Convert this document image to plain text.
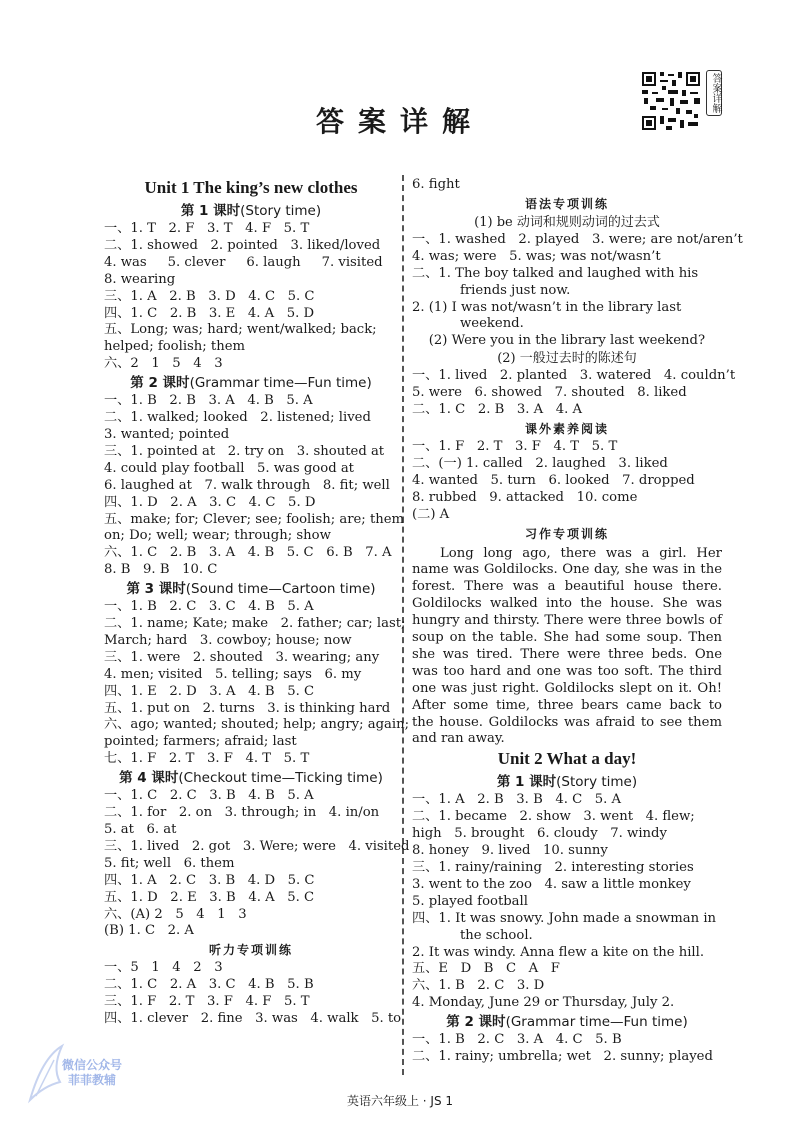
答案详解
答案详解
Unit 1 The king’s new clothes
第 1 课时(Story time)
一、1. T   2. F   3. T   4. F   5. T
二、1. showed   2. pointed   3. liked/loved
4. was     5. clever     6. laugh     7. visited
8. wearing
三、1. A   2. B   3. D   4. C   5. C
四、1. C   2. B   3. E   4. A   5. D
五、Long; was; hard; went/walked; back;
helped; foolish; them
六、2   1   5   4   3
第 2 课时(Grammar time—Fun time)
一、1. B   2. B   3. A   4. B   5. A
二、1. walked; looked   2. listened; lived
3. wanted; pointed
三、1. pointed at   2. try on   3. shouted at
4. could play football   5. was good at
6. laughed at   7. walk through   8. fit; well
四、1. D   2. A   3. C   4. C   5. D
五、make; for; Clever; see; foolish; are; them
on; Do; well; wear; through; show
六、1. C   2. B   3. A   4. B   5. C   6. B   7. A
8. B   9. B   10. C
第 3 课时(Sound time—Cartoon time)
一、1. B   2. C   3. C   4. B   5. A
二、1. name; Kate; make   2. father; car; last;
March; hard   3. cowboy; house; now
三、1. were   2. shouted   3. wearing; any
4. men; visited   5. telling; says   6. my
四、1. E   2. D   3. A   4. B   5. C
五、1. put on   2. turns   3. is thinking hard
六、ago; wanted; shouted; help; angry; again;
pointed; farmers; afraid; last
七、1. F   2. T   3. F   4. T   5. T
第 4 课时(Checkout time—Ticking time)
一、1. C   2. C   3. B   4. B   5. A
二、1. for   2. on   3. through; in   4. in/on
5. at   6. at
三、1. lived   2. got   3. Were; were   4. visited
5. fit; well   6. them
四、1. A   2. C   3. B   4. D   5. C
五、1. D   2. E   3. B   4. A   5. C
六、(A) 2   5   4   1   3
(B) 1. C   2. A
听力专项训练
一、5   1   4   2   3
二、1. C   2. A   3. C   4. B   5. B
三、1. F   2. T   3. F   4. F   5. T
四、1. clever   2. fine   3. was   4. walk   5. to
6. fight
语法专项训练
(1) be 动词和规则动词的过去式
一、1. washed   2. played   3. were; are not/aren’t
4. was; were   5. was; was not/wasn’t
二、1. The boy talked and laughed with his
friends just now.
2. (1) I was not/wasn’t in the library last
weekend.
(2) Were you in the library last weekend?
(2) 一般过去时的陈述句
一、1. lived   2. planted   3. watered   4. couldn’t
5. were   6. showed   7. shouted   8. liked
二、1. C   2. B   3. A   4. A
课外素养阅读
一、1. F   2. T   3. F   4. T   5. T
二、(一) 1. called   2. laughed   3. liked
4. wanted   5. turn   6. looked   7. dropped
8. rubbed   9. attacked   10. come
(二) A
习作专项训练
Long long ago, there was a girl. Her name was Goldilocks. One day, she was in the forest. There was a beautiful house there. Goldilocks walked into the house. She was hungry and thirsty. There were three bowls of soup on the table. She had some soup. Then she was tired. There were three beds. One was too hard and one was too soft. The third one was just right. Goldilocks slept on it. Oh! After some time, three bears came back to the house. Goldilocks was afraid to see them and ran away.
Unit 2 What a day!
第 1 课时(Story time)
一、1. A   2. B   3. B   4. C   5. A
二、1. became   2. show   3. went   4. flew;
high   5. brought   6. cloudy   7. windy
8. honey   9. lived   10. sunny
三、1. rainy/raining   2. interesting stories
3. went to the zoo   4. saw a little monkey
5. played football
四、1. It was snowy. John made a snowman in
the school.
2. It was windy. Anna flew a kite on the hill.
五、E   D   B   C   A   F
六、1. B   2. C   3. D
4. Monday, June 29 or Thursday, July 2.
第 2 课时(Grammar time—Fun time)
一、1. B   2. C   3. A   4. C   5. B
二、1. rainy; umbrella; wet   2. sunny; played
英语六年级上 · JS 1
微信公众号
菲菲教辅
